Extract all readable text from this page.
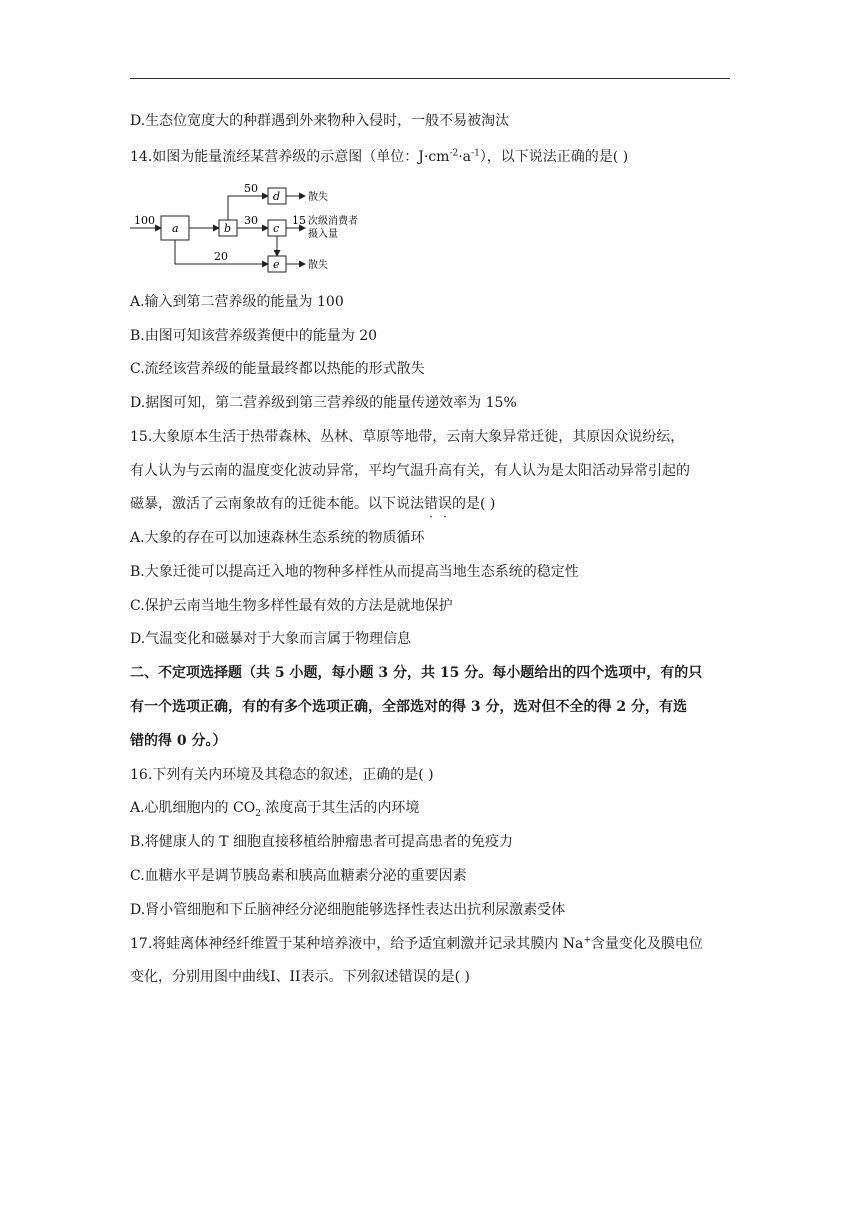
D.生态位宽度大的种群遇到外来物种入侵时，一般不易被淘汰
14.如图为能量流经某营养级的示意图（单位：$J\cdot cm^{-2}\cdot a^{-1}$），以下说法正确的是( )
100
a	b
50
d	散失
30
c
15 次级消费者
摄入量
20
e	散失
A.输入到第二营养级的能量为 100
B.由图可知该营养级粪便中的能量为 20
C.流经该营养级的能量最终都以热能的形式散失
D.据图可知，第二营养级到第三营养级的能量传递效率为 15%
15.大象原本生活于热带森林、丛林、草原等地带，云南大象异常迁徙，其原因众说纷纭，
有人认为与云南的温度变化波动异常，平均气温升高有关，有人认为是太阳活动异常引起的
磁暴，激活了云南象故有的迁徙本能。以下说法错误的是( )
A.大象的存在可以加速森林生态系统的物质循环
B.大象迁徙可以提高迁入地的物种多样性从而提高当地生态系统的稳定性
C.保护云南当地生物多样性最有效的方法是就地保护
D.气温变化和磁暴对于大象而言属于物理信息
二、不定项选择题（共 5 小题，每小题 3 分，共 15 分。每小题给出的四个选项中，有的只
有一个选项正确，有的有多个选项正确，全部选对的得 3 分，选对但不全的得 2 分，有选
错的得 0 分。）
16.下列有关内环境及其稳态的叙述，正确的是( )
A.心肌细胞内的 $CO_2$ 浓度高于其生活的内环境
B.将健康人的 T 细胞直接移植给肿瘤患者可提高患者的免疫力
C.血糖水平是调节胰岛素和胰高血糖素分泌的重要因素
D.肾小管细胞和下丘脑神经分泌细胞能够选择性表达出抗利尿激素受体
17.将蛙离体神经纤维置于某种培养液中，给予适宜刺激并记录其膜内 Na+含量变化及膜电位
变化，分别用图中曲线I、II表示。下列叙述错误的是( )
